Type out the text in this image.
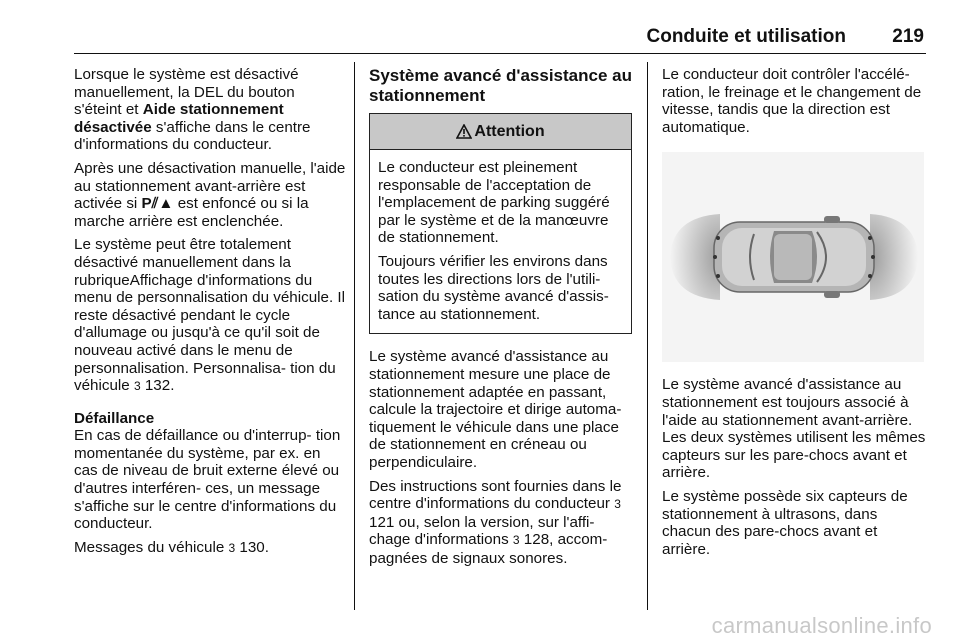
Conduite et utilisation 219

Lorsque le système est désactivé manuellement, la DEL du bouton s'éteint et Aide stationnement désactivée s'affiche dans le centre d'informations du conducteur.

Après une désactivation manuelle, l'aide au stationnement avant-arrière est activée si P⫽▲ est enfoncé ou si la marche arrière est enclenchée.

Le système peut être totalement désactivé manuellement dans la rubriqueAffichage d'informations du menu de personnalisation du véhicule. Il reste désactivé pendant le cycle d'allumage ou jusqu'à ce qu'il soit de nouveau activé dans le menu de personnalisation. Personnalisa‐ tion du véhicule 3 132.

Défaillance

En cas de défaillance ou d'interrup‐ tion momentanée du système, par ex. en cas de niveau de bruit externe élevé ou d'autres interféren‐ ces, un message s'affiche sur le centre d'informations du conducteur.

Messages du véhicule 3 130.

Système avancé d'assistance au stationnement
Attention

Le conducteur est pleinement responsable de l'acceptation de l'emplacement de parking suggéré par le système et de la manœuvre de stationnement.

Toujours vérifier les environs dans toutes les directions lors de l'utili‐ sation du système avancé d'assis‐ tance au stationnement.

Le système avancé d'assistance au stationnement mesure une place de stationnement adaptée en passant, calcule la trajectoire et dirige automa‐ tiquement le véhicule dans une place de stationnement en créneau ou perpendiculaire.

Des instructions sont fournies dans le centre d'informations du conducteur 3 121 ou, selon la version, sur l'affi‐ chage d'informations 3 128, accom‐ pagnées de signaux sonores.

Le conducteur doit contrôler l'accélé‐ ration, le freinage et le changement de vitesse, tandis que la direction est automatique.

Le système avancé d'assistance au stationnement est toujours associé à l'aide au stationnement avant-arrière. Les deux systèmes utilisent les mêmes capteurs sur les pare-chocs avant et arrière.

Le système possède six capteurs de stationnement à ultrasons, dans chacun des pare-chocs avant et arrière.

carmanualsonline.info
